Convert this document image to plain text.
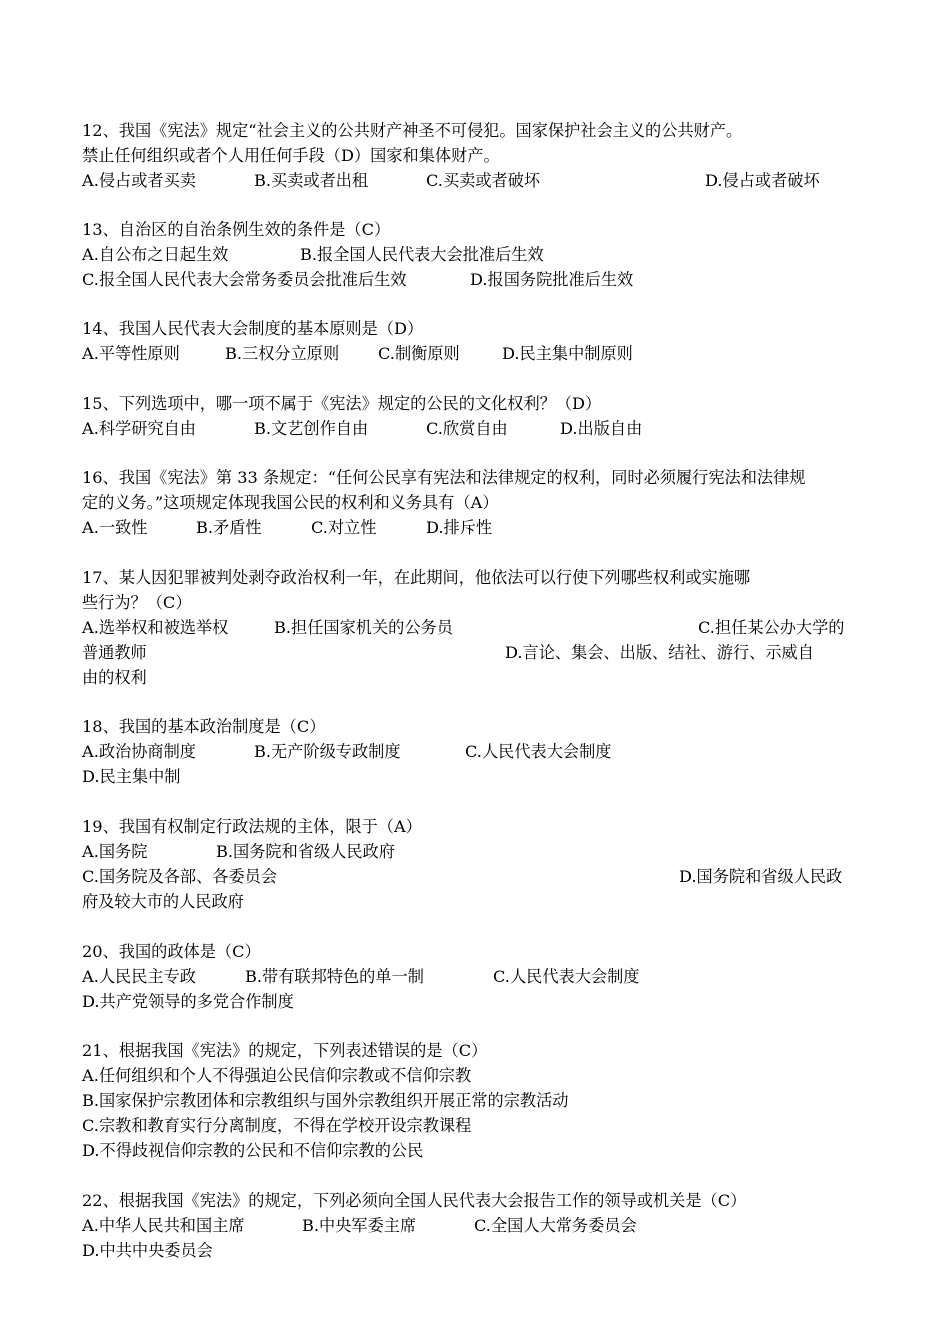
12、我国《宪法》规定“社会主义的公共财产神圣不可侵犯。国家保护社会主义的公共财产。
禁止任何组织或者个人用任何手段（D）国家和集体财产。
A.侵占或者买卖	B.买卖或者出租	C.买卖或者破坏	D.侵占或者破坏
13、自治区的自治条例生效的条件是（C）
A.自公布之日起生效	B.报全国人民代表大会批准后生效
C.报全国人民代表大会常务委员会批准后生效	D.报国务院批准后生效
14、我国人民代表大会制度的基本原则是（D）
A.平等性原则	B.三权分立原则 C.制衡原则	D.民主集中制原则
15、下列选项中，哪一项不属于《宪法》规定的公民的文化权利？（D）
A.科学研究自由	B.文艺创作自由	C.欣赏自由	D.出版自由
16、我国《宪法》第 33 条规定：“任何公民享有宪法和法律规定的权利，同时必须履行宪法和法律规
定的义务。”这项规定体现我国公民的权利和义务具有（A）
A.一致性	B.矛盾性	C.对立性	D.排斥性
17、某人因犯罪被判处剥夺政治权利一年，在此期间，他依法可以行使下列哪些权利或实施哪
些行为？（C）
A.选举权和被选举权	B.担任国家机关的公务员	C.担任某公办大学的
普通教师	D.言论、集会、出版、结社、游行、示威自
由的权利
18、我国的基本政治制度是（C）
A.政治协商制度	B.无产阶级专政制度	C.人民代表大会制度
D.民主集中制
19、我国有权制定行政法规的主体，限于（A）
A.国务院	B.国务院和省级人民政府
C.国务院及各部、各委员会	D.国务院和省级人民政
府及较大市的人民政府
20、我国的政体是（C）
A.人民民主专政	B.带有联邦特色的单一制	C.人民代表大会制度
D.共产党领导的多党合作制度
21、根据我国《宪法》的规定，下列表述错误的是（C）
A.任何组织和个人不得强迫公民信仰宗教或不信仰宗教
B.国家保护宗教团体和宗教组织与国外宗教组织开展正常的宗教活动
C.宗教和教育实行分离制度，不得在学校开设宗教课程
D.不得歧视信仰宗教的公民和不信仰宗教的公民
22、根据我国《宪法》的规定，下列必须向全国人民代表大会报告工作的领导或机关是（C）
A.中华人民共和国主席	B.中央军委主席	C.全国人大常务委员会
D.中共中央委员会
